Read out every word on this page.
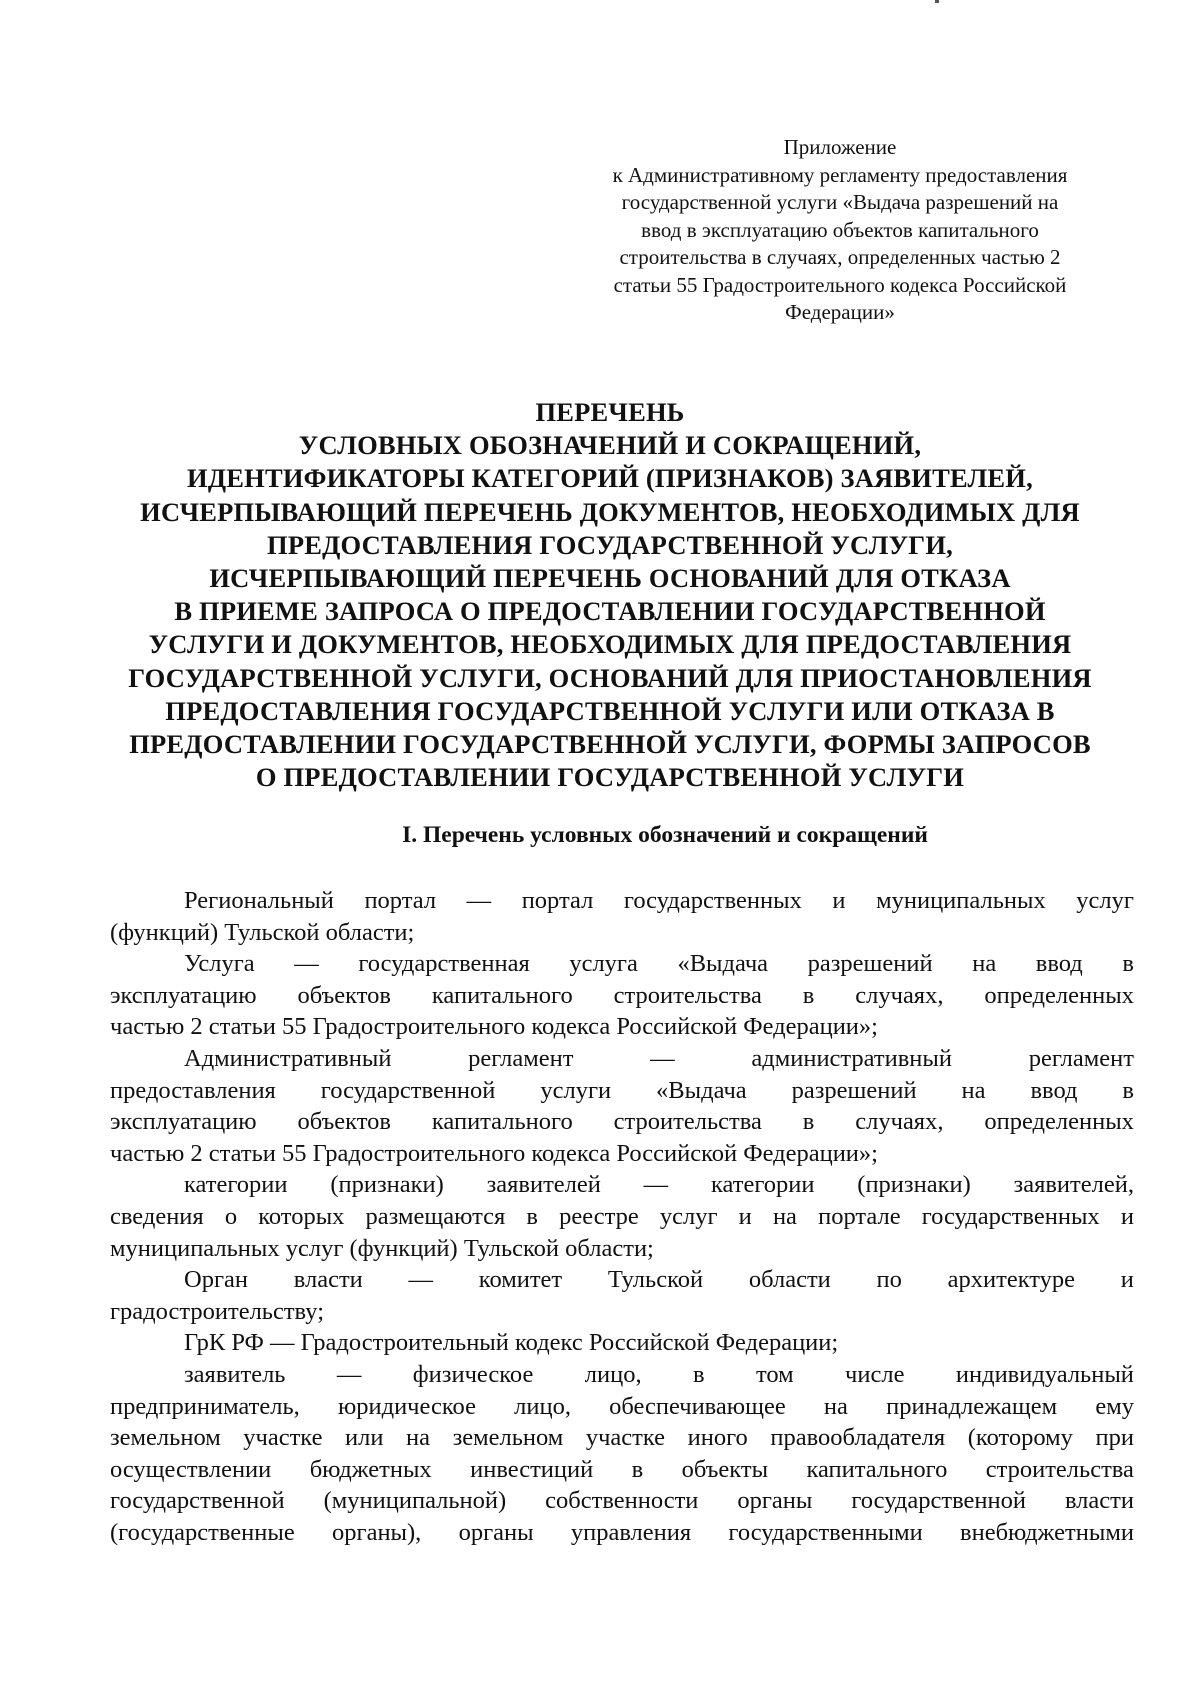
Приложение
к Административному регламенту предоставления
государственной услуги «Выдача разрешений на
ввод в эксплуатацию объектов капитального
строительства в случаях, определенных частью 2
статьи 55 Градостроительного кодекса Российской
Федерации»
ПЕРЕЧЕНЬ
УСЛОВНЫХ ОБОЗНАЧЕНИЙ И СОКРАЩЕНИЙ,
ИДЕНТИФИКАТОРЫ КАТЕГОРИЙ (ПРИЗНАКОВ) ЗАЯВИТЕЛЕЙ,
ИСЧЕРПЫВАЮЩИЙ ПЕРЕЧЕНЬ ДОКУМЕНТОВ, НЕОБХОДИМЫХ ДЛЯ
ПРЕДОСТАВЛЕНИЯ ГОСУДАРСТВЕННОЙ УСЛУГИ,
ИСЧЕРПЫВАЮЩИЙ ПЕРЕЧЕНЬ ОСНОВАНИЙ ДЛЯ ОТКАЗА
В ПРИЕМЕ ЗАПРОСА О ПРЕДОСТАВЛЕНИИ ГОСУДАРСТВЕННОЙ
УСЛУГИ И ДОКУМЕНТОВ, НЕОБХОДИМЫХ ДЛЯ ПРЕДОСТАВЛЕНИЯ
ГОСУДАРСТВЕННОЙ УСЛУГИ, ОСНОВАНИЙ ДЛЯ ПРИОСТАНОВЛЕНИЯ
ПРЕДОСТАВЛЕНИЯ ГОСУДАРСТВЕННОЙ УСЛУГИ ИЛИ ОТКАЗА В
ПРЕДОСТАВЛЕНИИ ГОСУДАРСТВЕННОЙ УСЛУГИ, ФОРМЫ ЗАПРОСОВ
О ПРЕДОСТАВЛЕНИИ ГОСУДАРСТВЕННОЙ УСЛУГИ
I. Перечень условных обозначений и сокращений
Региональный портал — портал государственных и муниципальных услуг
(функций) Тульской области;
Услуга — государственная услуга «Выдача разрешений на ввод в
эксплуатацию объектов капитального строительства в случаях, определенных
частью 2 статьи 55 Градостроительного кодекса Российской Федерации»;
Административный	регламент	—	административный	регламент
предоставления государственной услуги «Выдача разрешений на ввод в
эксплуатацию объектов капитального строительства в случаях, определенных
частью 2 статьи 55 Градостроительного кодекса Российской Федерации»;
категории (признаки) заявителей — категории (признаки) заявителей,
сведения о которых размещаются в реестре услуг и на портале государственных и
муниципальных услуг (функций) Тульской области;
Орган власти — комитет Тульской области по архитектуре и
градостроительству;
ГрК РФ — Градостроительный кодекс Российской Федерации;
заявитель — физическое лицо, в том числе индивидуальный
предприниматель, юридическое лицо, обеспечивающее на принадлежащем ему
земельном участке или на земельном участке иного правообладателя (которому при
осуществлении бюджетных инвестиций в объекты капитального строительства
государственной (муниципальной) собственности органы государственной власти
(государственные органы), органы управления государственными внебюджетными
